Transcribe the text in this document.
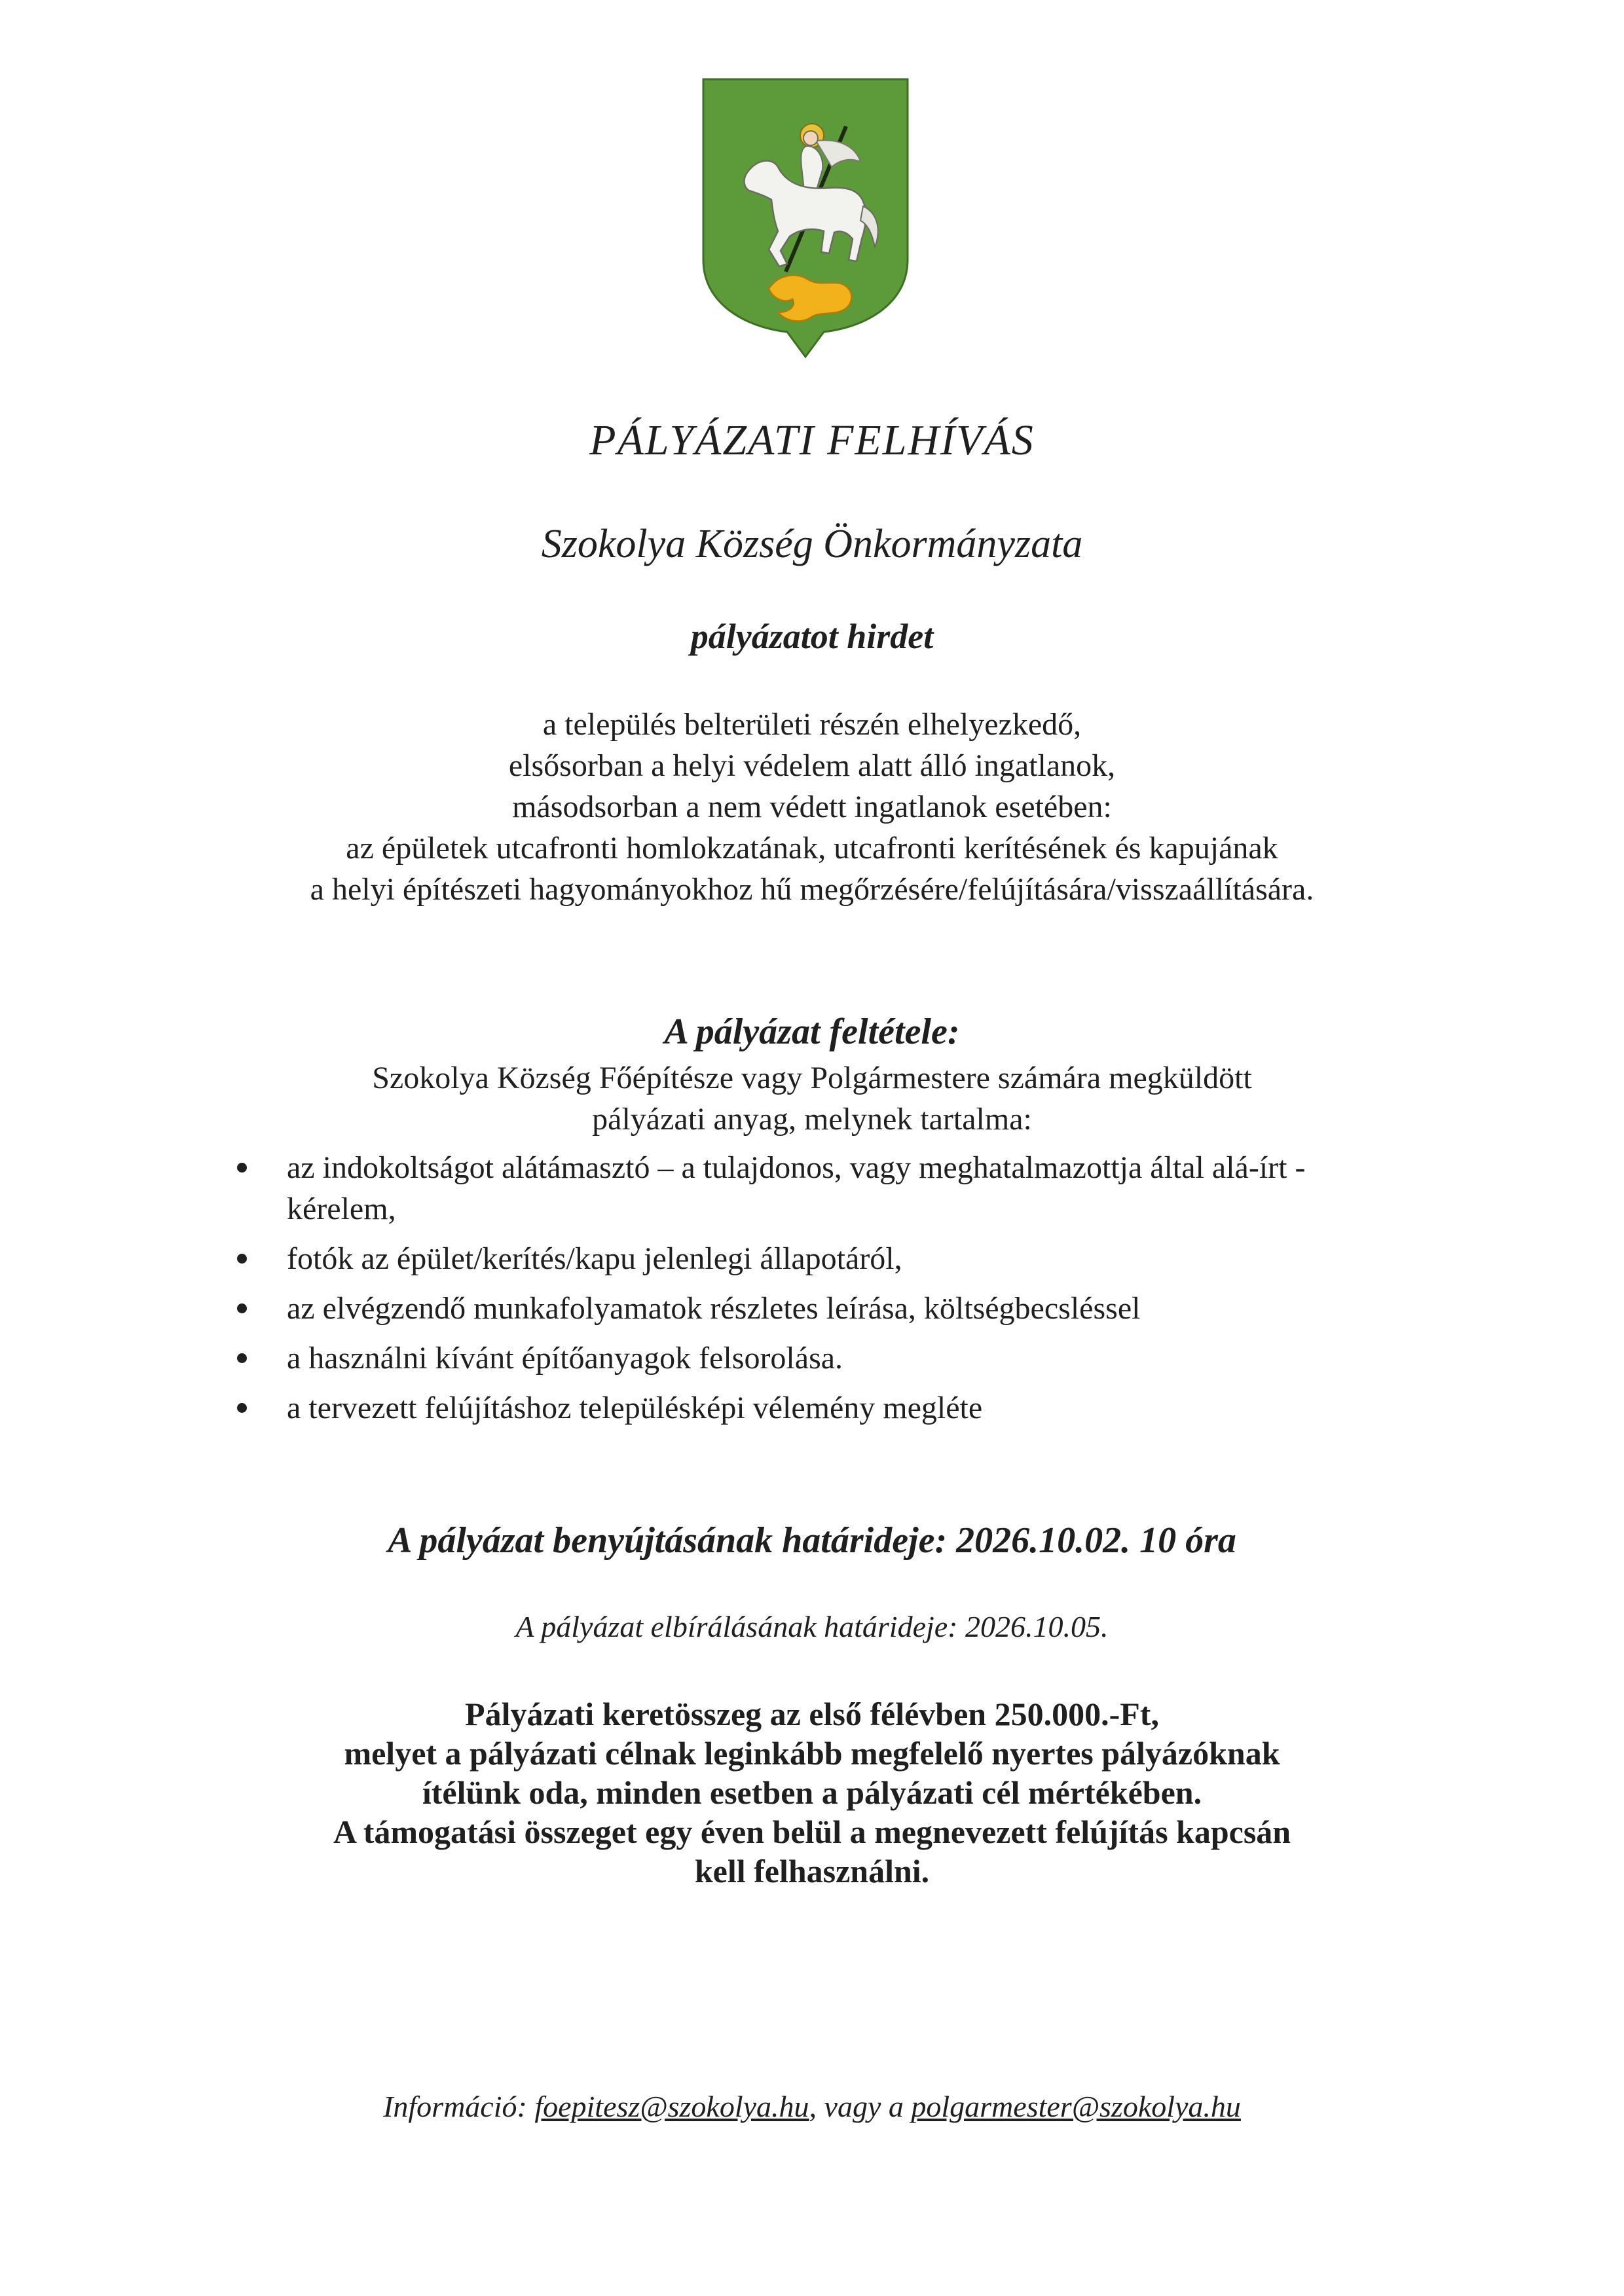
PÁLYÁZATI FELHÍVÁS
Szokolya Község Önkormányzata
pályázatot hirdet
a település belterületi részén elhelyezkedő,
elsősorban a helyi védelem alatt álló ingatlanok,
másodsorban a nem védett ingatlanok esetében:
az épületek utcafronti homlokzatának, utcafronti kerítésének és kapujának
a helyi építészeti hagyományokhoz hű megőrzésére/felújítására/visszaállítására.
A pályázat feltétele:
Szokolya Község Főépítésze vagy Polgármestere számára megküldött
pályázati anyag, melynek tartalma:
az indokoltságot alátámasztó – a tulajdonos, vagy meghatalmazottja által alá-írt - kérelem,
fotók az épület/kerítés/kapu jelenlegi állapotáról,
az elvégzendő munkafolyamatok részletes leírása, költségbecsléssel
a használni kívánt építőanyagok felsorolása.
a tervezett felújításhoz településképi vélemény megléte
A pályázat benyújtásának határideje: 2026.10.02. 10 óra
A pályázat elbírálásának határideje: 2026.10.05.
Pályázati keretösszeg az első félévben 250.000.-Ft,
melyet a pályázati célnak leginkább megfelelő nyertes pályázóknak
ítélünk oda, minden esetben a pályázati cél mértékében.
A támogatási összeget egy éven belül a megnevezett felújítás kapcsán
kell felhasználni.
Információ: foepitesz@szokolya.hu, vagy a polgarmester@szokolya.hu
